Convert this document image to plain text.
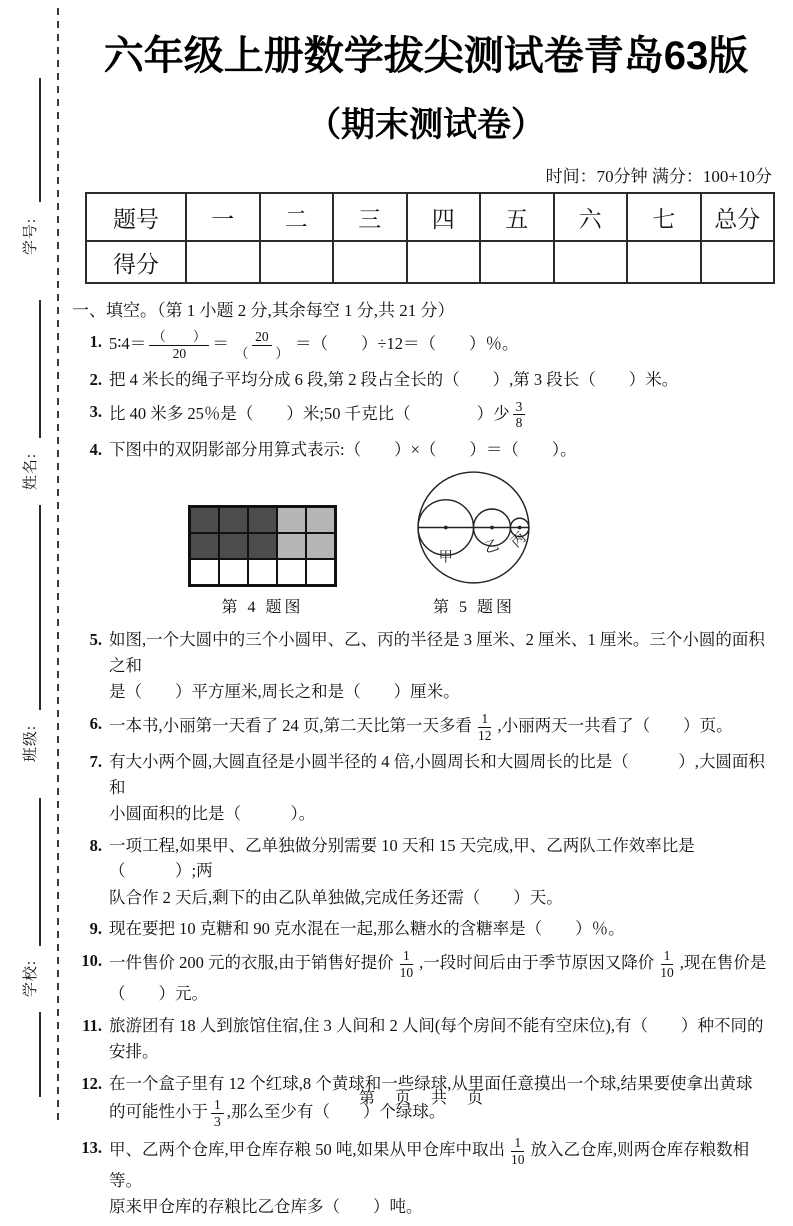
学号:
姓名:
班级:
学校:
六年级上册数学拔尖测试卷青岛63版
（期末测试卷）
时间：70分钟 满分：100+10分
题号	一	二	三	四	五	六	七	总分
得分								
一、填空。（第 1 小题 2 分,其余每空 1 分,共 21 分）
1. 5∶4＝ $\frac{( )}{20} = \frac{20}{( )}$ ＝（　　）÷12＝（　　）％。
2. 把 4 米长的绳子平均分成 6 段,第 2 段占全长的（　　）,第 3 段长（　　）米。
3. 比 40 米多 25％是（　　）米;50 千克比（　　　　）少 $\frac{3}{8}$
4. 下图中的双阴影部分用算式表示:（　　）×（　　）＝（　　）。
第 4 题图
甲
乙 丙
第 5 题图
5. 如图,一个大圆中的三个小圆甲、乙、丙的半径是 3 厘米、2 厘米、1 厘米。三个小圆的面积之和
是（　　）平方厘米,周长之和是（　　）厘米。
6. 一本书,小丽第一天看了 24 页,第二天比第一天多看 $\frac{1}{12}$ ,小丽两天一共看了（　　）页。
7. 有大小两个圆,大圆直径是小圆半径的 4 倍,小圆周长和大圆周长的比是（　　　）,大圆面积和
小圆面积的比是（　　　）。
8. 一项工程,如果甲、乙单独做分别需要 10 天和 15 天完成,甲、乙两队工作效率比是（　　　）;两
队合作 2 天后,剩下的由乙队单独做,完成任务还需（　　）天。
9. 现在要把 10 克糖和 90 克水混在一起,那么糖水的含糖率是（　　）％。
10. 一件售价 200 元的衣服,由于销售好提价 $\frac{1}{10}$ ,一段时间后由于季节原因又降价 $\frac{1}{10}$ ,现在售价是
（　　）元。
11. 旅游团有 18 人到旅馆住宿,住 3 人间和 2 人间(每个房间不能有空床位),有（　　）种不同的
安排。
12. 在一个盒子里有 12 个红球,8 个黄球和一些绿球,从里面任意摸出一个球,结果要使拿出黄球
的可能性小于 $\frac{1}{3}$ ,那么至少有（　　）个绿球。
13. 甲、乙两个仓库,甲仓库存粮 50 吨,如果从甲仓库中取出 $\frac{1}{10}$ 放入乙仓库,则两仓库存粮数相等。
原来甲仓库的存粮比乙仓库多（　　）吨。
第 页 共 页
